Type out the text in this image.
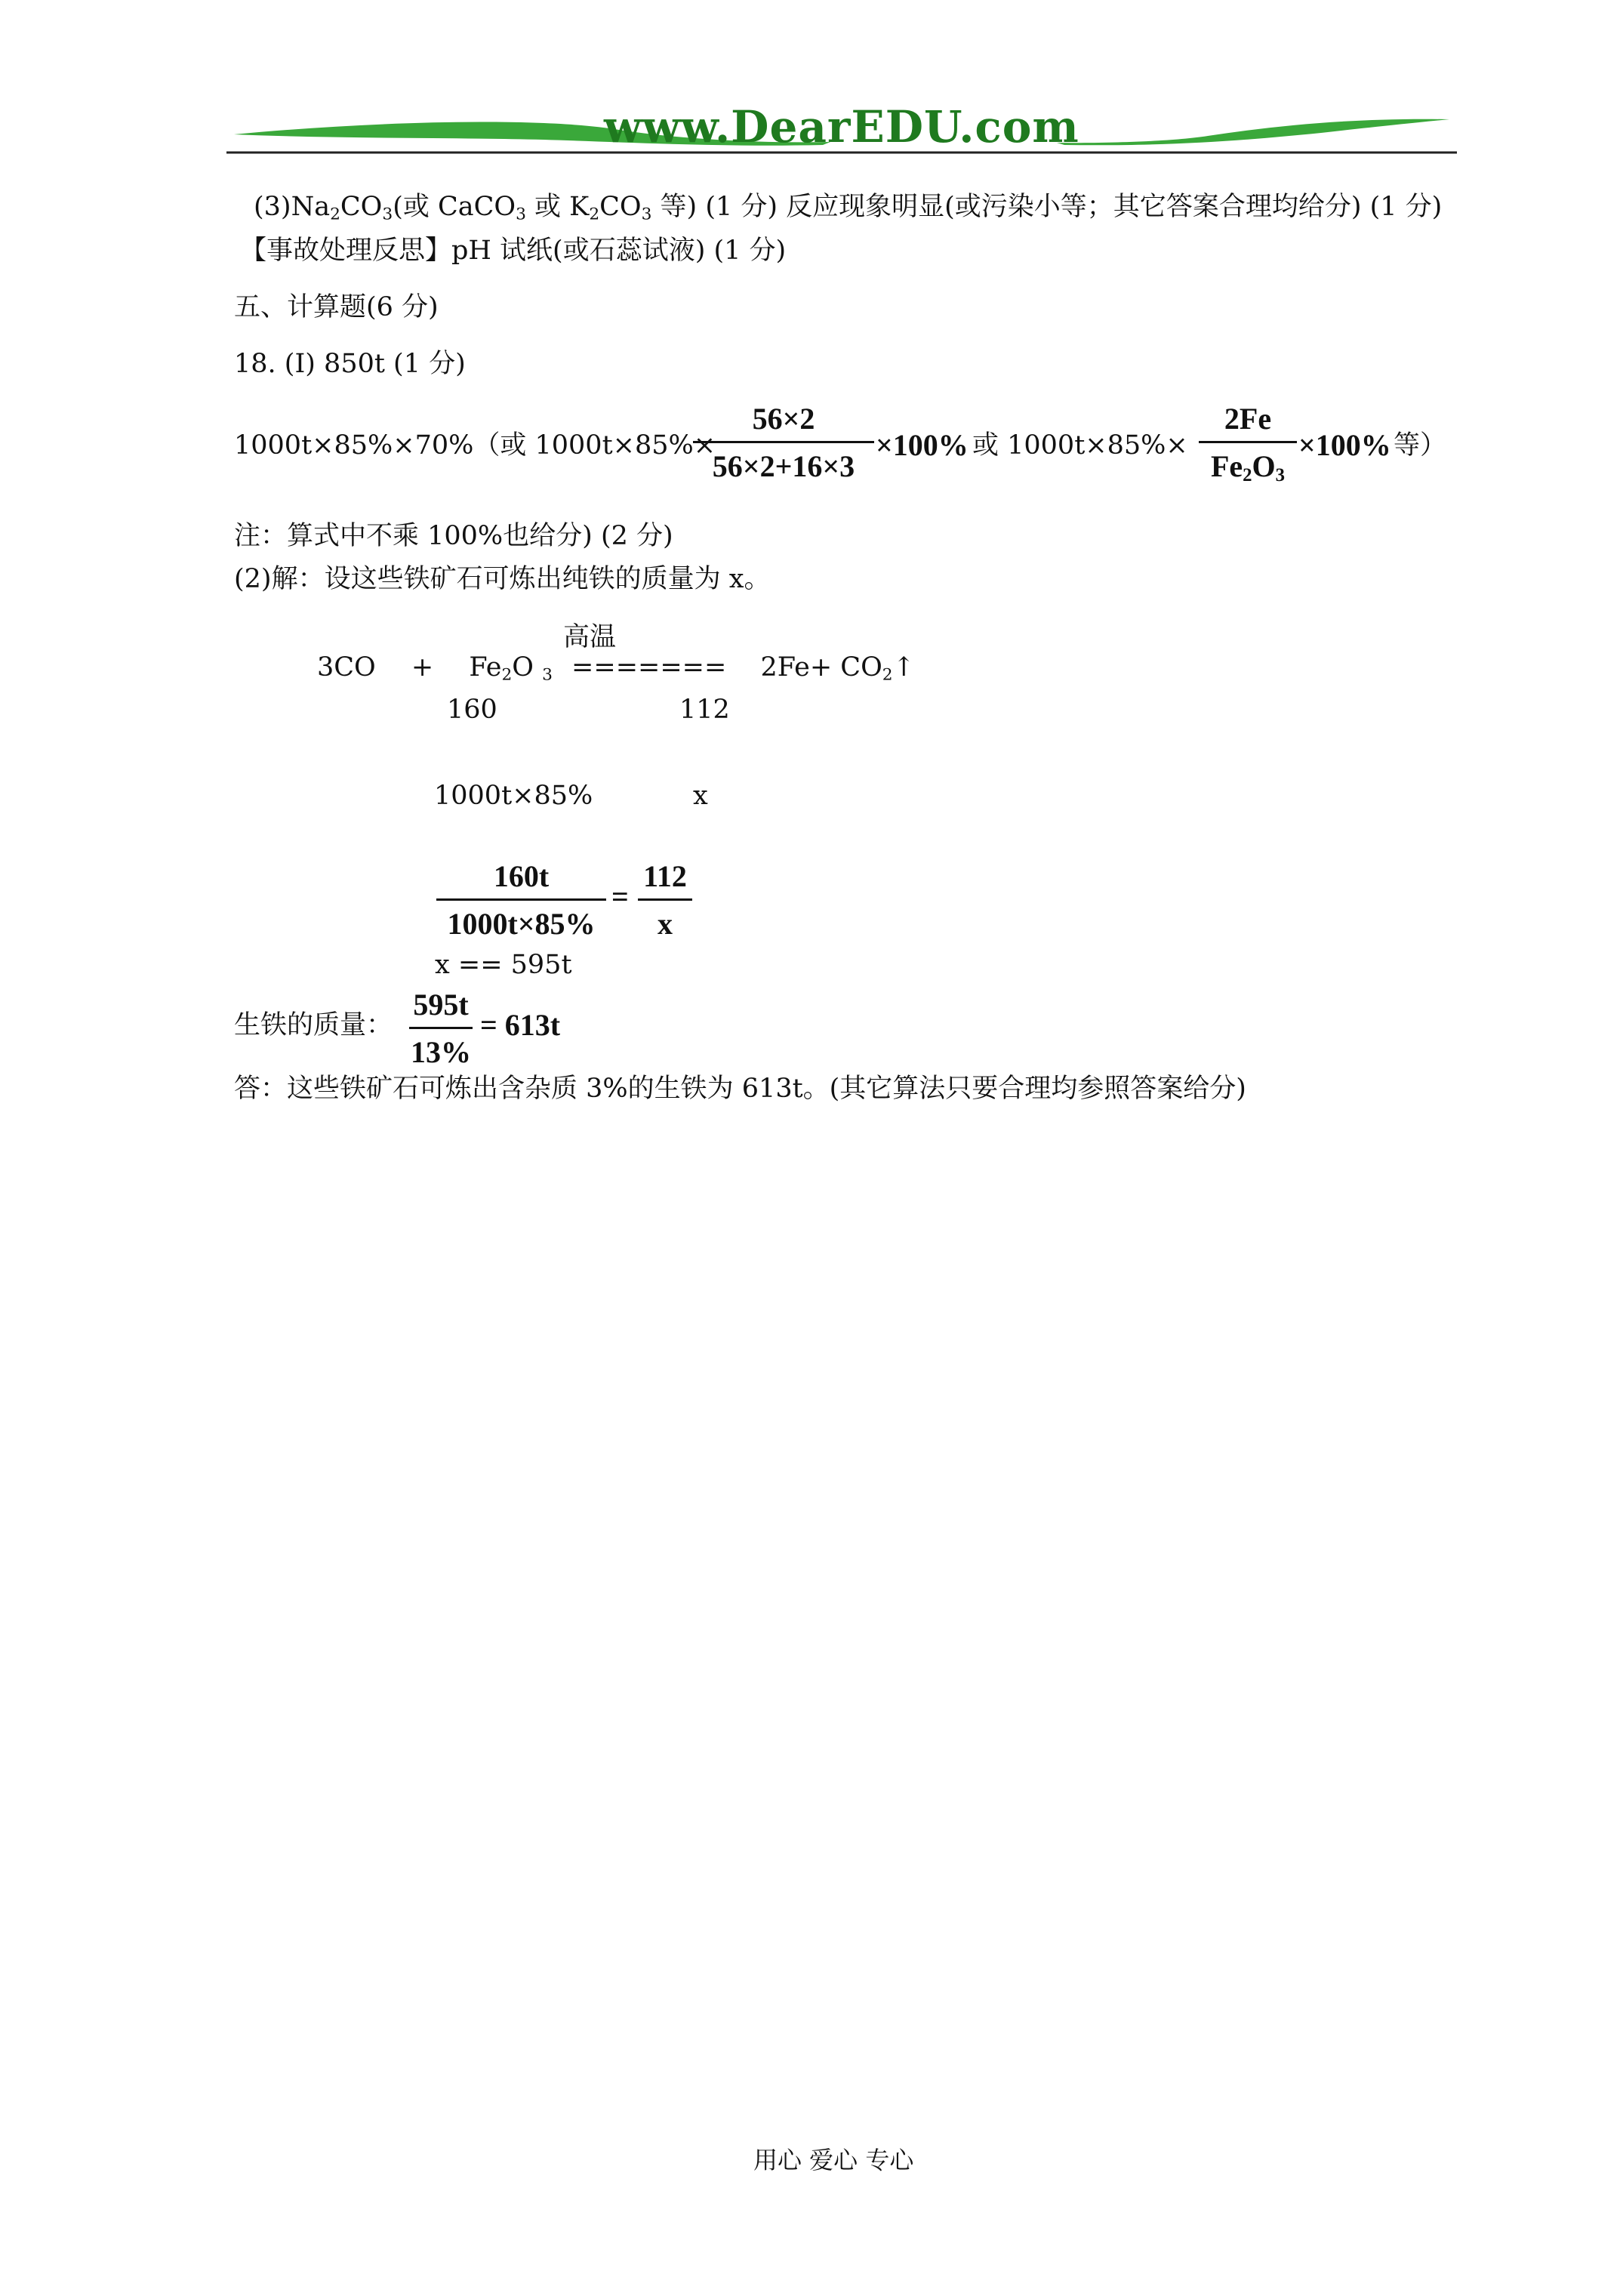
www.DearEDU.com
$(3)Na_2CO_3$(或 CaCO$_3$ 或 $K_2CO_3$ 等) (1 分) 反应现象明显(或污染小等；其它答案合理均给分) (1 分)
【事故处理反思】pH 试纸(或石蕊试液) (1 分)
五、计算题(6 分)
18. (I) 850t (1 分)
1000t×85%×70%（或 1000t×85%×
56×2
56×2+16×3
×100% 或 1000t×85%×
2Fe
$Fe_2O_3$
×100% 等）
注：算式中不乘 100%也给分) (2 分)
(2)解：设这些铁矿石可炼出纯铁的质量为 x。
高温
$3CO + Fe_2O$ $_3$ ======= $2Fe+ CO_2↑$
160	112
1000t×85%	x
160t
1000t×85%
=
112
x
x == 595t
生铁的质量：
595t
13%
= 613t
答：这些铁矿石可炼出含杂质 3%的生铁为 613t。(其它算法只要合理均参照答案给分)
用心 爱心 专心
